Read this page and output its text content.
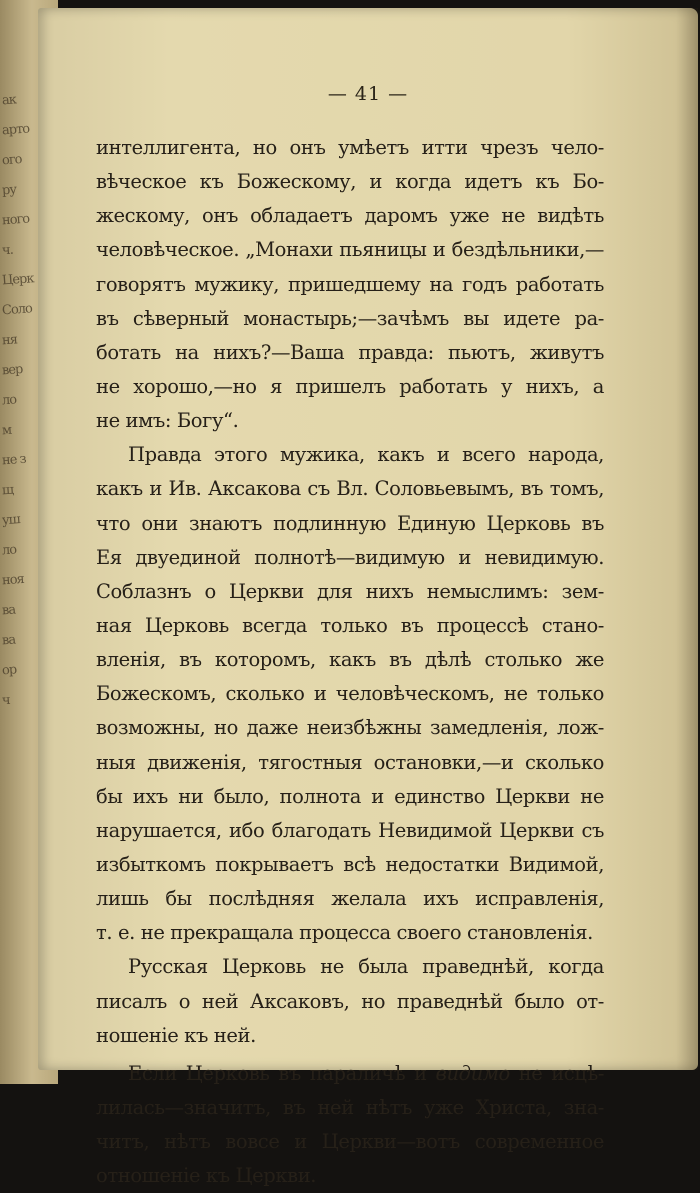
ак
арто
ого
ру
ного
ч.
Церк
Соло
ня
вер
ло
м
не з
щ
уш
ло
ноя
ва
ва
ор
ч
— 41 —
интеллигента, но онъ умѣетъ итти чрезъ чело-
вѣческое къ Божескому, и когда идетъ къ Бо-
жескому, онъ обладаетъ даромъ уже не видѣть
человѣческое. „Монахи пьяницы и бездѣльники,—
говорятъ мужику, пришедшему на годъ работать
въ сѣверный монастырь;—зачѣмъ вы идете ра-
ботать на нихъ?—Ваша правда: пьютъ, живутъ
не хорошо,—но я пришелъ работать у нихъ, а
не имъ: Богу“.
Правда этого мужика, какъ и всего народа,
какъ и Ив. Аксакова съ Вл. Соловьевымъ, въ томъ,
что они знаютъ подлинную Единую Церковь въ
Ея двуединой полнотѣ—видимую и невидимую.
Соблазнъ о Церкви для нихъ немыслимъ: зем-
ная Церковь всегда только въ процессѣ стано-
вленія, въ которомъ, какъ въ дѣлѣ столько же
Божескомъ, сколько и человѣческомъ, не только
возможны, но даже неизбѣжны замедленія, лож-
ныя движенія, тягостныя остановки,—и сколько
бы ихъ ни было, полнота и единство Церкви не
нарушается, ибо благодать Невидимой Церкви съ
избыткомъ покрываетъ всѣ недостатки Видимой,
лишь бы послѣдняя желала ихъ исправленія,
т. е. не прекращала процесса своего становленія.
Русская Церковь не была праведнѣй, когда
писалъ о ней Аксаковъ, но праведнѣй было от-
ношеніе къ ней.
Если Церковь въ параличѣ и видимо не исцѣ-
лилась—значитъ, въ ней нѣтъ уже Христа, зна-
читъ, нѣтъ вовсе и Церкви—вотъ современное
отношеніе къ Церкви.
